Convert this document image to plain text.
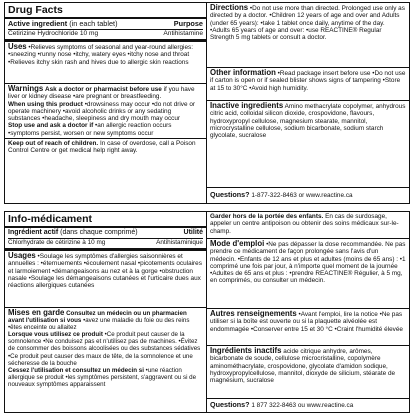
Drug Facts
Active ingredient (in each tablet)	Purpose
Cetirizine Hydrochloride 10 mg	Antihistamine
Uses •Relieves symptoms of seasonal and year-round allergies: •sneezing •runny nose •itchy, watery eyes •itchy nose and throat •Relieves itchy skin rash and hives due to allergic skin reactions
Warnings Ask a doctor or pharmacist before use if you have liver or kidney disease •are pregnant or breastfeeding.
When using this product •drowsiness may occur •do not drive or operate machinery •avoid alcoholic drinks or any sedating substances •headache, sleepiness and dry mouth may occur
Stop use and ask a doctor if •an allergic reaction occurs •symptoms persist, worsen or new symptoms occur
Keep out of reach of children. In case of overdose, call a Poison Control Centre or get medical help right away.
Directions •Do not use more than directed. Prolonged use only as directed by a doctor. •Children 12 years of age and over and Adults (under 65 years): •take 1 tablet once daily, anytime of the day. •Adults 65 years of age and over: •use REACTINE® Regular Strength 5 mg tablets or consult a doctor.
Other information •Read package insert before use •Do not use if carton is open or if sealed blister shows signs of tampering •Store at 15 to 30°C •Avoid high humidity.
Inactive ingredients Amino methacrylate copolymer, anhydrous citric acid, colloidal silicon dioxide, crospovidone, flavours, hydroxypropyl cellulose, magnesium stearate, mannitol, microcrystalline cellulose, sodium bicarbonate, sodium starch glycolate, sucralose
Questions? 1-877-322-8463 or www.reactine.ca
Info-médicament
Ingrédient actif (dans chaque comprimé)	Utilité
Chlorhydrate de cétirizine à 10 mg	Antihistaminique
Usages •Soulage les symptômes d'allergies saisonnières et annuelles : •éternuements •écoulement nasal •picotements oculaires et larmoiement •démangeaisons au nez et à la gorge •obstruction nasale •Soulage les démangeaisons cutanées et l'urticaire dues aux réactions allergiques cutanées
Mises en garde Consultez un médecin ou un pharmacien avant l'utilisation si vous •avez une maladie du foie ou des reins •êtes enceinte ou allaitez
Lorsque vous utilisez ce produit •Ce produit peut causer de la somnolence •Ne conduisez pas et n'utilisez pas de machines. •Évitez de consommer des boissons alcoolisées ou des substances sédatives •Ce produit peut causer des maux de tête, de la somnolence et une sécheresse de la bouche
Cessez l'utilisation et consultez un médecin si •une réaction allergique se produit •les symptômes persistent, s'aggravent ou si de nouveaux symptômes apparaissent
Garder hors de la portée des enfants. En cas de surdosage, appeler un centre antipoison ou obtenir des soins médicaux sur-le-champ.
Mode d'emploi •Ne pas dépasser la dose recommandée. Ne pas prendre ce médicament de façon prolongée sans l'avis d'un médecin. •Enfants de 12 ans et plus et adultes (moins de 65 ans) : •1 comprimé une fois par jour, à n'importe quel moment de la journée •Adultes de 65 ans et plus : •prendre REACTINE® Régulier, à 5 mg, en comprimés, ou consulter un médecin.
Autres renseignements •Avant l'emploi, lire la notice •Ne pas utiliser si la boîte est ouverte ou si la plaquette alvéolée est endommagée •Conserver entre 15 et 30 °C •Craint l'humidité élevée
Ingrédients inactifs acide citrique anhydre, arômes, bicarbonate de soude, cellulose microcristalline, copolymère aminométhacrylate, crospovidone, glycolate d'amidon sodique, hydroxypropylcellulose, mannitol, dioxyde de silicium, stéarate de magnésium, sucralose
Questions? 1 877 322-8463 ou www.reactine.ca
